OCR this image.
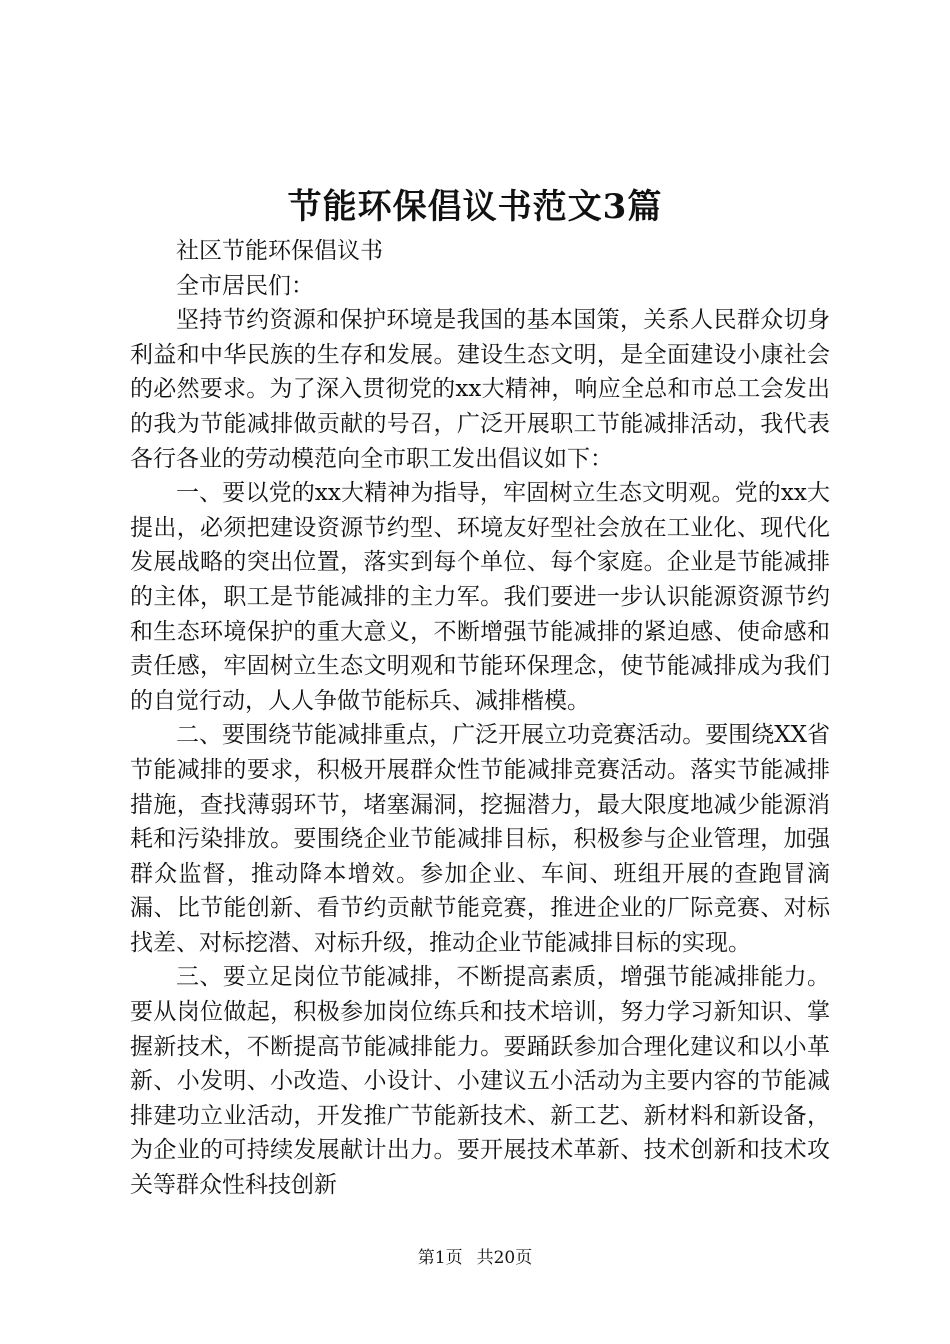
节能环保倡议书范文3篇

社区节能环保倡议书

全市居民们：

坚持节约资源和保护环境是我国的基本国策，关系人民群众切身利益和中华民族的生存和发展。建设生态文明，是全面建设小康社会的必然要求。为了深入贯彻党的xx大精神，响应全总和市总工会发出的我为节能减排做贡献的号召，广泛开展职工节能减排活动，我代表各行各业的劳动模范向全市职工发出倡议如下：

一、要以党的xx大精神为指导，牢固树立生态文明观。党的xx大提出，必须把建设资源节约型、环境友好型社会放在工业化、现代化发展战略的突出位置，落实到每个单位、每个家庭。企业是节能减排的主体，职工是节能减排的主力军。我们要进一步认识能源资源节约和生态环境保护的重大意义，不断增强节能减排的紧迫感、使命感和责任感，牢固树立生态文明观和节能环保理念，使节能减排成为我们的自觉行动，人人争做节能标兵、减排楷模。

二、要围绕节能减排重点，广泛开展立功竞赛活动。要围绕XX省节能减排的要求，积极开展群众性节能减排竞赛活动。落实节能减排措施，查找薄弱环节，堵塞漏洞，挖掘潜力，最大限度地减少能源消耗和污染排放。要围绕企业节能减排目标，积极参与企业管理，加强群众监督，推动降本增效。参加企业、车间、班组开展的查跑冒滴漏、比节能创新、看节约贡献节能竞赛，推进企业的厂际竞赛、对标找差、对标挖潜、对标升级，推动企业节能减排目标的实现。

三、要立足岗位节能减排，不断提高素质，增强节能减排能力。要从岗位做起，积极参加岗位练兵和技术培训，努力学习新知识、掌握新技术，不断提高节能减排能力。要踊跃参加合理化建议和以小革新、小发明、小改造、小设计、小建议五小活动为主要内容的节能减排建功立业活动，开发推广节能新技术、新工艺、新材料和新设备，为企业的可持续发展献计出力。要开展技术革新、技术创新和技术攻关等群众性科技创新

第1页 共20页
